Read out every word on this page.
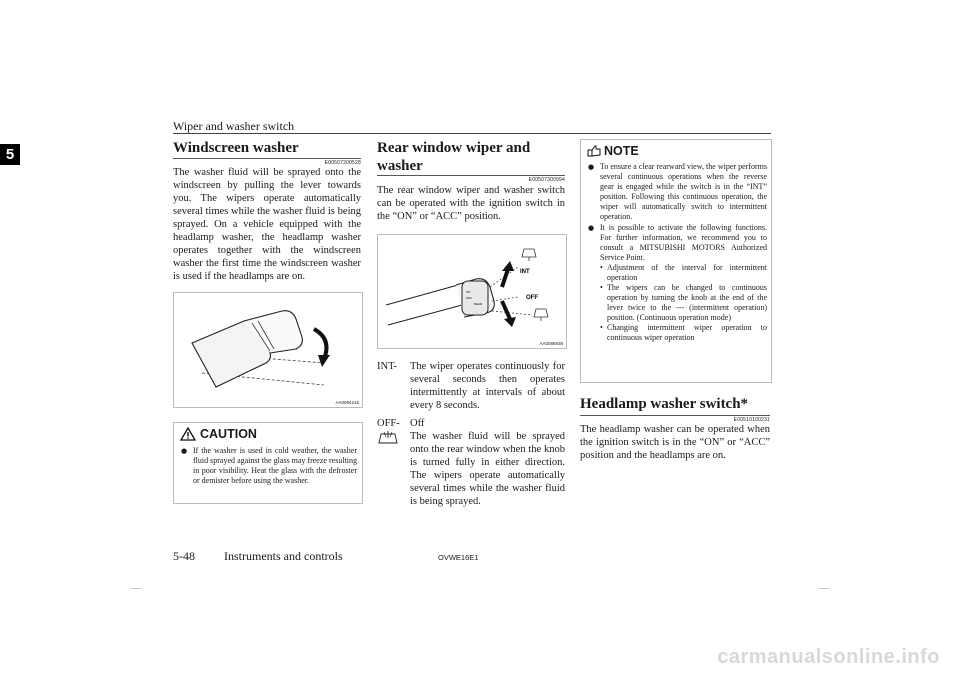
Wiper and washer switch
5	Windscreen washer
E00507200528

The washer fluid will be sprayed onto the windscreen by pulling the lever towards you. The wipers operate automatically several times while the washer fluid is being sprayed. On a vehicle equipped with the headlamp washer, the headlamp washer operates together with the windscreen washer the first time the windscreen washer is used if the headlamps are on.

AA0094216
CAUTION
● If the washer is used in cold weather, the washer fluid sprayed against the glass may freeze resulting in poor visibility. Heat the glass with the defroster or demister before using the washer.
Rear window wiper and washer
E00507300994

The rear window wiper and washer switch can be operated with the ignition switch in the “ON” or “ACC” position.

INT
OFF
INT
OFF
REAR
AA0086938
INT- The wiper operates continuously for several seconds then operates intermittently at intervals of about every 8 seconds.
OFF- Off
The washer fluid will be sprayed onto the rear window when the knob is turned fully in either direction. The wipers operate automatically several times while the washer fluid is being sprayed.
NOTE
● To ensure a clear rearward view, the wiper performs several continuous operations when the reverse gear is engaged while the switch is in the “INT” position. Following this continuous operation, the wiper will automatically switch to intermittent operation.
● It is possible to activate the following functions. For further information, we recommend you to consult a MITSUBISHI MOTORS Authorized Service Point.
• Adjustment of the interval for intermittent operation
• The wipers can be changed to continuous operation by turning the knob at the end of the lever twice to the --- (intermittent operation) position. (Continuous operation mode)
• Changing intermittent wiper operation to continuous wiper operation
Headlamp washer switch*
E00510100231

The headlamp washer can be operated when the ignition switch is in the “ON” or “ACC” position and the headlamps are on.

5-48 Instruments and controls	OVWE16E1
carmanualsonline.info
